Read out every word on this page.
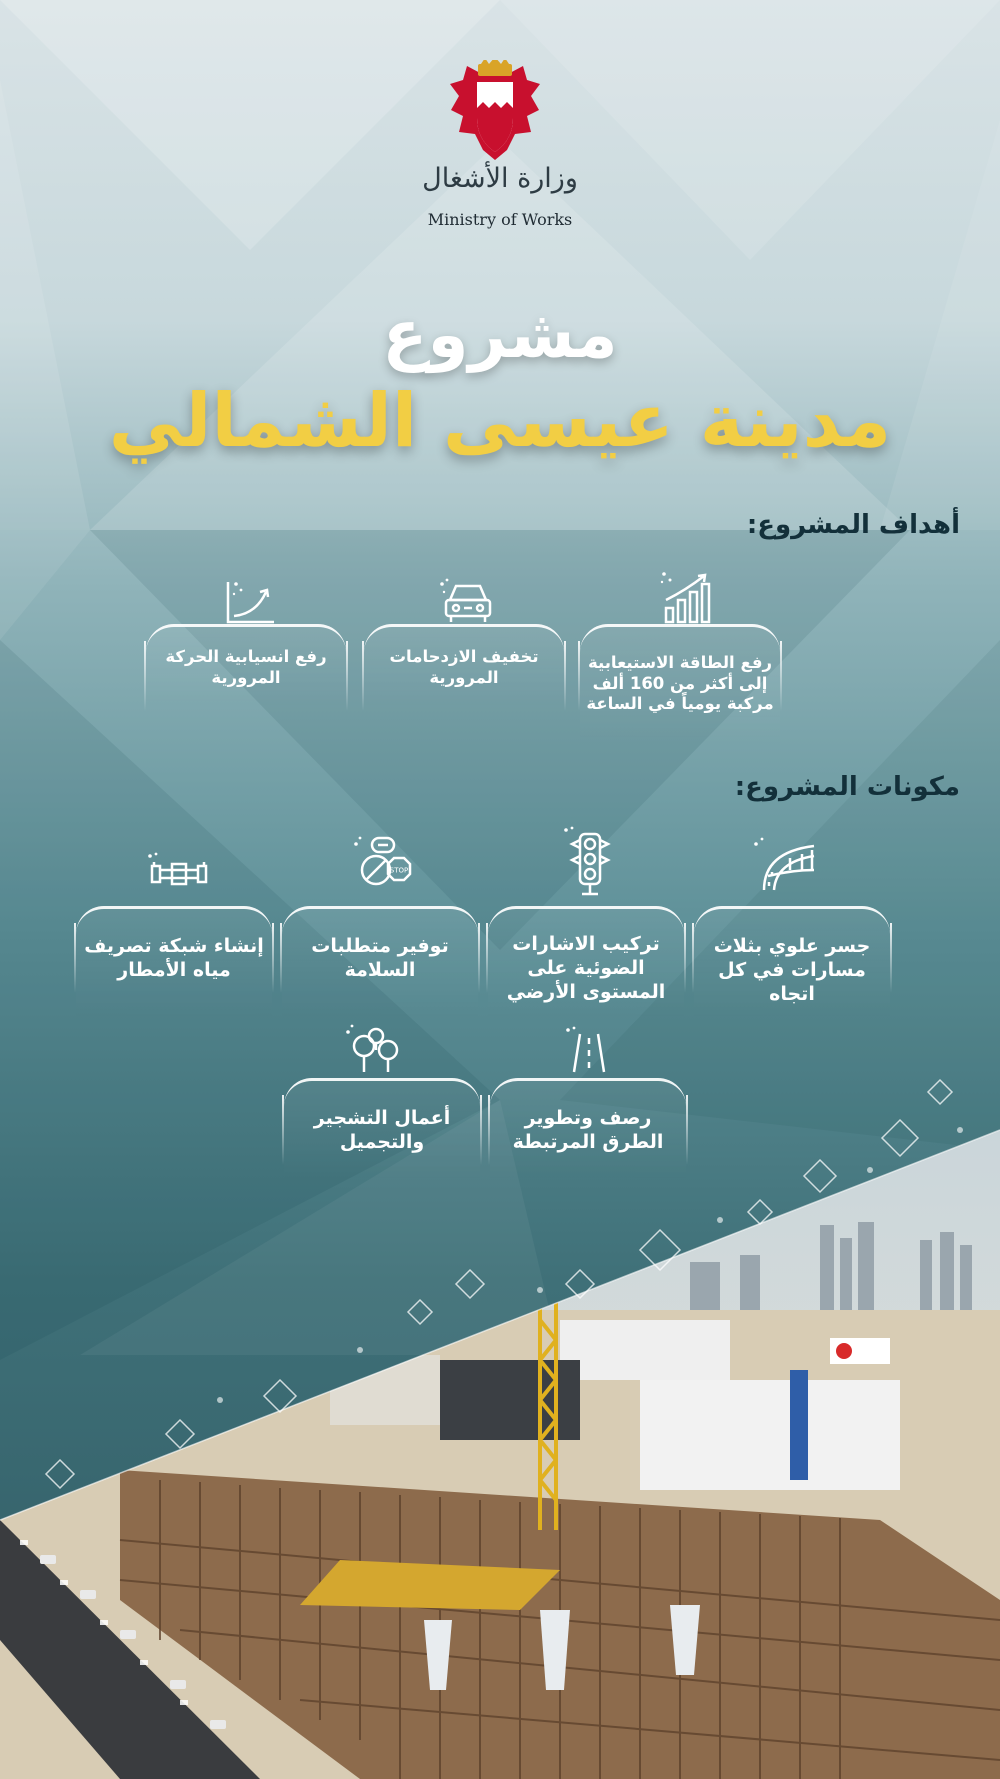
وزارة الأشغال
Ministry of Works
مشروع
مدينة عيسى الشمالي
أهداف المشروع:
رفع الطاقة الاستيعابية إلى أكثر من 160 ألف مركبة يومياً في الساعة
تخفيف الازدحامات المرورية
رفع انسيابية الحركة المرورية
مكونات المشروع:
جسر علوي بثلاث مسارات في كل اتجاه
تركيب الاشارات الضوئية على المستوى الأرضي
STOP
توفير متطلبات السلامة
إنشاء شبكة تصريف مياه الأمطار
رصف وتطوير الطرق المرتبطة
أعمال التشجير والتجميل
